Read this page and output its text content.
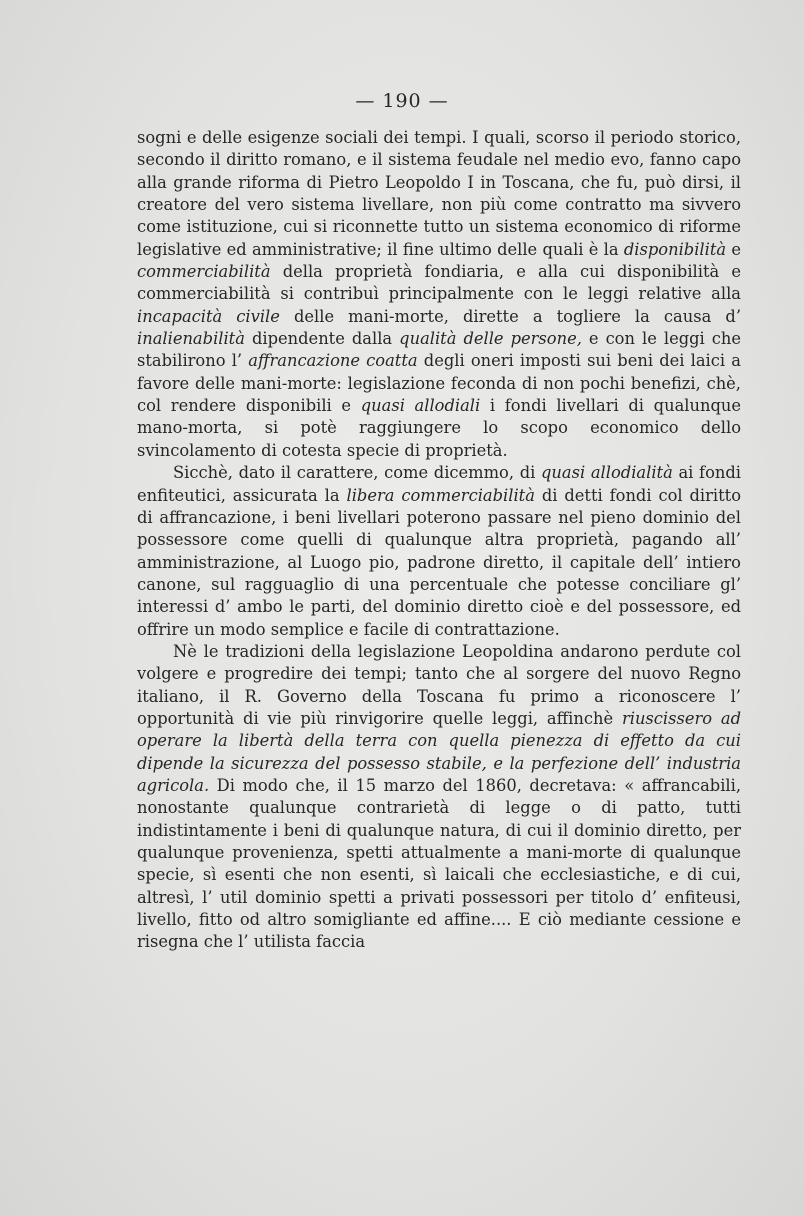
— 190 —

sogni e delle esigenze sociali dei tempi. I quali, scorso il periodo storico, secondo il diritto romano, e il sistema feudale nel medio evo, fanno capo alla grande riforma di Pietro Leopoldo I in Toscana, che fu, può dirsi, il creatore del vero sistema livellare, non più come contratto ma sivvero come istituzione, cui si riconnette tutto un sistema economico di riforme legislative ed amministrative; il fine ultimo delle quali è la disponibilità e commerciabilità della proprietà fondiaria, e alla cui disponibilità e commerciabilità si contribuì principalmente con le leggi relative alla incapacità civile delle mani-morte, dirette a togliere la causa d’ inalienabilità dipendente dalla qualità delle persone, e con le leggi che stabilirono l’ affrancazione coatta degli oneri imposti sui beni dei laici a favore delle mani-morte: legislazione feconda di non pochi benefizi, chè, col rendere disponibili e quasi allodiali i fondi livellari di qualunque mano-morta, si potè raggiungere lo scopo economico dello svincolamento di cotesta specie di proprietà.

Sicchè, dato il carattere, come dicemmo, di quasi allodialità ai fondi enfiteutici, assicurata la libera commerciabilità di detti fondi col diritto di affrancazione, i beni livellari poterono passare nel pieno dominio del possessore come quelli di qualunque altra proprietà, pagando all’ amministrazione, al Luogo pio, padrone diretto, il capitale dell’ intiero canone, sul ragguaglio di una percentuale che potesse conciliare gl’ interessi d’ ambo le parti, del dominio diretto cioè e del possessore, ed offrire un modo semplice e facile di contrattazione.

Nè le tradizioni della legislazione Leopoldina andarono perdute col volgere e progredire dei tempi; tanto che al sorgere del nuovo Regno italiano, il R. Governo della Toscana fu primo a riconoscere l’ opportunità di vie più rinvigorire quelle leggi, affinchè riuscissero ad operare la libertà della terra con quella pienezza di effetto da cui dipende la sicurezza del possesso stabile, e la perfezione dell’ industria agricola. Di modo che, il 15 marzo del 1860, decretava: « affrancabili, nonostante qualunque contrarietà di legge o di patto, tutti indistintamente i beni di qualunque natura, di cui il dominio diretto, per qualunque provenienza, spetti attualmente a mani-morte di qualunque specie, sì esenti che non esenti, sì laicali che ecclesiastiche, e di cui, altresì, l’ util dominio spetti a privati possessori per titolo d’ enfiteusi, livello, fitto od altro somigliante ed affine.... E ciò mediante cessione e risegna che l’ utilista faccia
